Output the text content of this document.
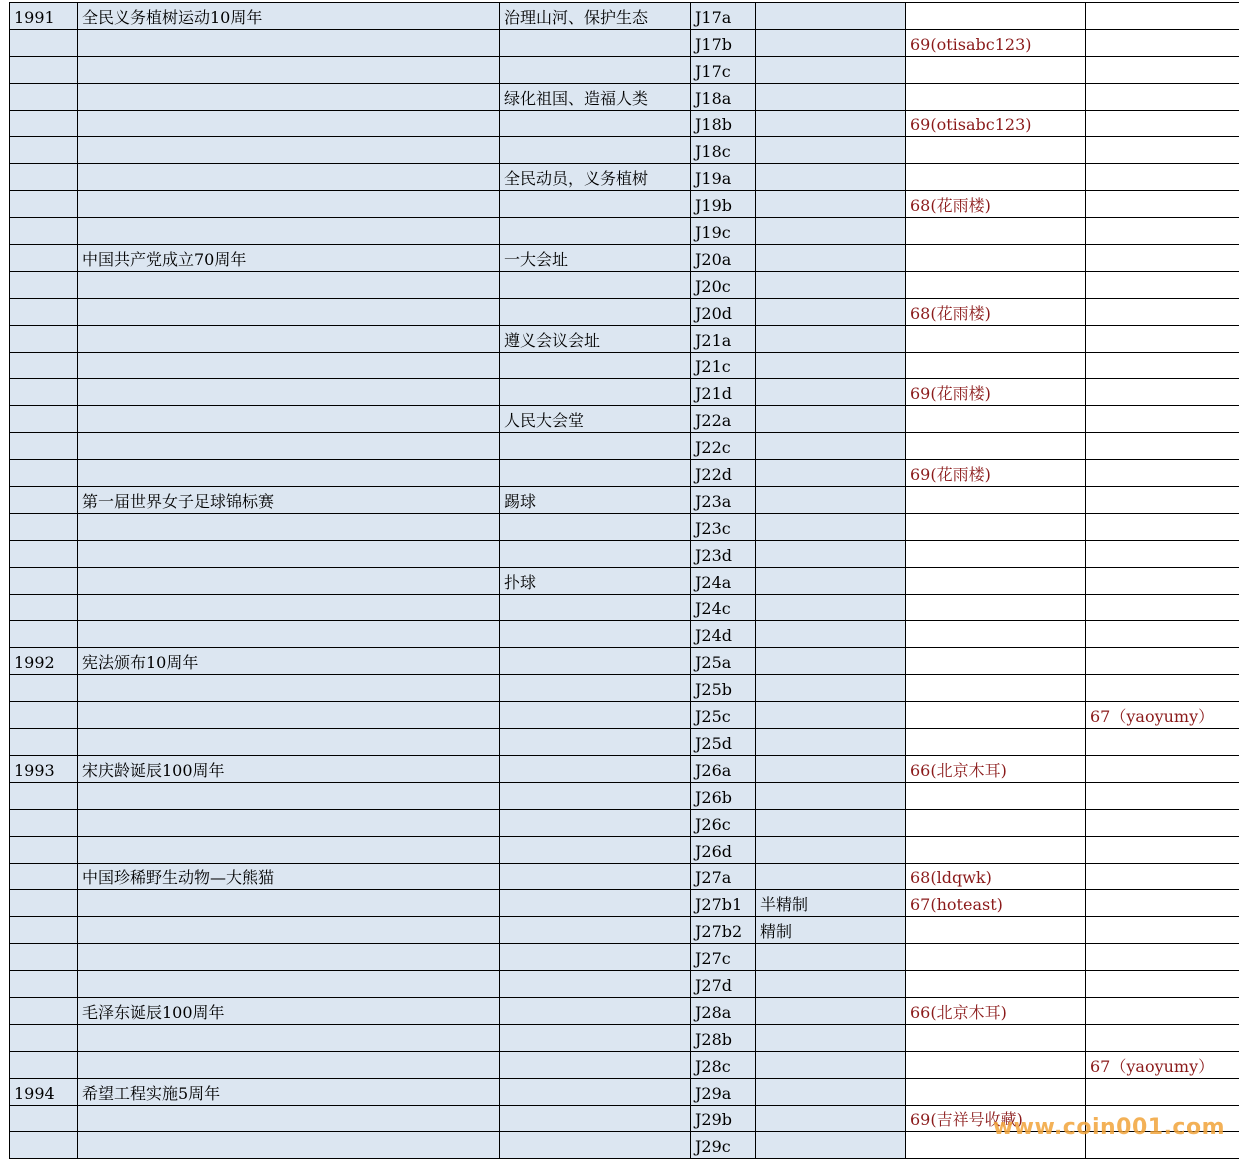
1991	全民义务植树运动10周年	治理山河、保护生态	J17a			
			J17b		69(otisabc123)	
			J17c			
		绿化祖国、造福人类	J18a			
			J18b		69(otisabc123)	
			J18c			
		全民动员，义务植树	J19a			
			J19b		68(花雨楼)	
			J19c			
	中国共产党成立70周年	一大会址	J20a			
			J20c			
			J20d		68(花雨楼)	
		遵义会议会址	J21a			
			J21c			
			J21d		69(花雨楼)	
		人民大会堂	J22a			
			J22c			
			J22d		69(花雨楼)	
	第一届世界女子足球锦标赛	踢球	J23a			
			J23c			
			J23d			
		扑球	J24a			
			J24c			
			J24d			
1992	宪法颁布10周年		J25a			
			J25b			
			J25c			67（yaoyumy）
			J25d			
1993	宋庆龄诞辰100周年		J26a		66(北京木耳)	
			J26b			
			J26c			
			J26d			
	中国珍稀野生动物—大熊猫		J27a		68(ldqwk)	
			J27b1	半精制	67(hoteast)	
			J27b2	精制		
			J27c			
			J27d			
	毛泽东诞辰100周年		J28a		66(北京木耳)	
			J28b			
			J28c			67（yaoyumy）
1994	希望工程实施5周年		J29a			
			J29b		69(吉祥号收藏)	
			J29c			
www.coin001.com
